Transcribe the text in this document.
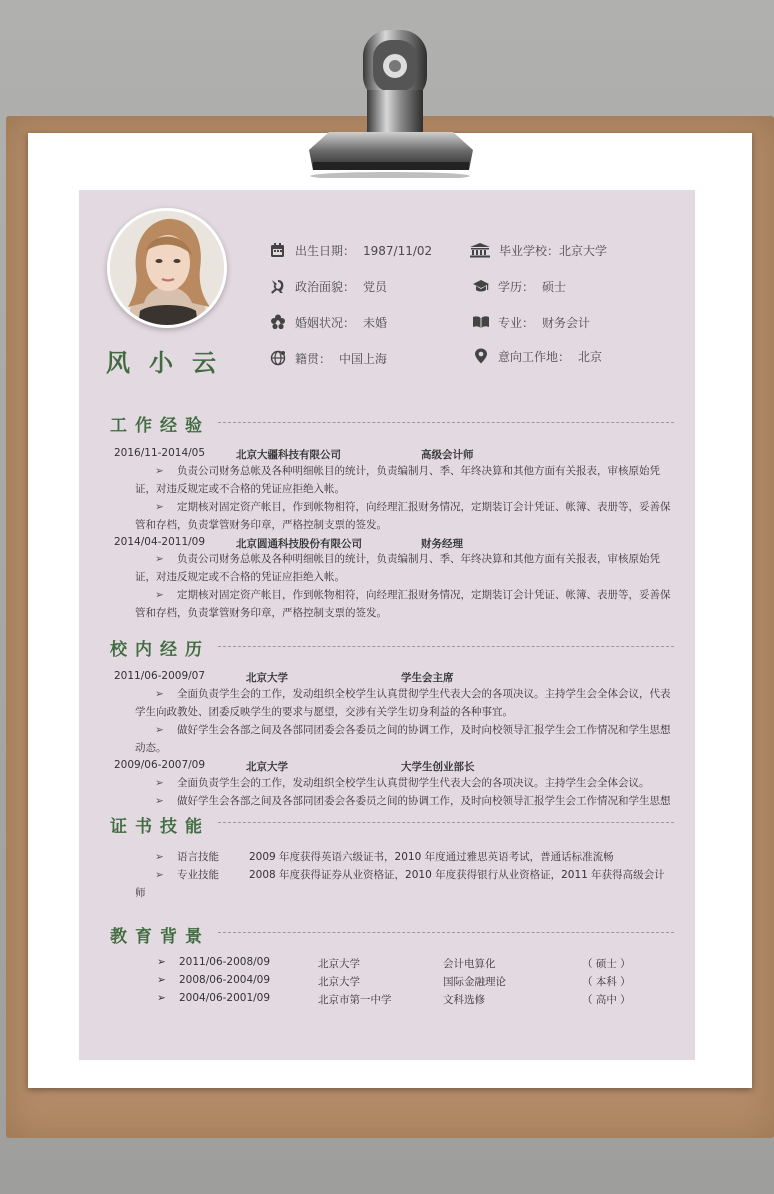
风小云
出生日期： 1987/11/02	毕业学校：北京大学
政治面貌： 党员	学历： 硕士
婚姻状况： 未婚	专业： 财务会计
籍贯： 中国上海	意向工作地： 北京
工作经验
2016/11-2014/05	北京大疆科技有限公司	高级会计师
➢ 负责公司财务总帐及各种明细帐目的统计，负责编制月、季、年终决算和其他方面有关报表，审核原始凭证，对违反规定或不合格的凭证应拒绝入帐。
➢ 定期核对固定资产帐目，作到帐物相符，向经理汇报财务情况，定期装订会计凭证、帐簿、表册等，妥善保管和存档，负责掌管财务印章，严格控制支票的签发。
2014/04-2011/09	北京圆通科技股份有限公司	财务经理
➢ 负责公司财务总帐及各种明细帐目的统计，负责编制月、季、年终决算和其他方面有关报表，审核原始凭证，对违反规定或不合格的凭证应拒绝入帐。
➢ 定期核对固定资产帐目，作到帐物相符，向经理汇报财务情况，定期装订会计凭证、帐簿、表册等，妥善保管和存档，负责掌管财务印章，严格控制支票的签发。
校内经历
2011/06-2009/07	北京大学	学生会主席
➢ 全面负责学生会的工作，发动组织全校学生认真贯彻学生代表大会的各项决议。主持学生会全体会议，代表学生向政教处、团委反映学生的要求与愿望，交涉有关学生切身利益的各种事宜。
➢ 做好学生会各部之间及各部同团委会各委员之间的协调工作，及时向校领导汇报学生会工作情况和学生思想动态。
2009/06-2007/09	北京大学	大学生创业部长
➢ 全面负责学生会的工作，发动组织全校学生认真贯彻学生代表大会的各项决议。主持学生会全体会议。
➢ 做好学生会各部之间及各部同团委会各委员之间的协调工作，及时向校领导汇报学生会工作情况和学生思想
证书技能
➢ 语言技能	2009 年度获得英语六级证书，2010 年度通过雅思英语考试，普通话标准流畅
➢ 专业技能	2008 年度获得证券从业资格证，2010 年度获得银行从业资格证，2011 年获得高级会计师
教育背景
➢ 2011/06-2008/09	北京大学	会计电算化	（ 硕士 ）
➢ 2008/06-2004/09	北京大学	国际金融理论	（ 本科 ）
➢ 2004/06-2001/09	北京市第一中学	文科选修	（ 高中 ）
